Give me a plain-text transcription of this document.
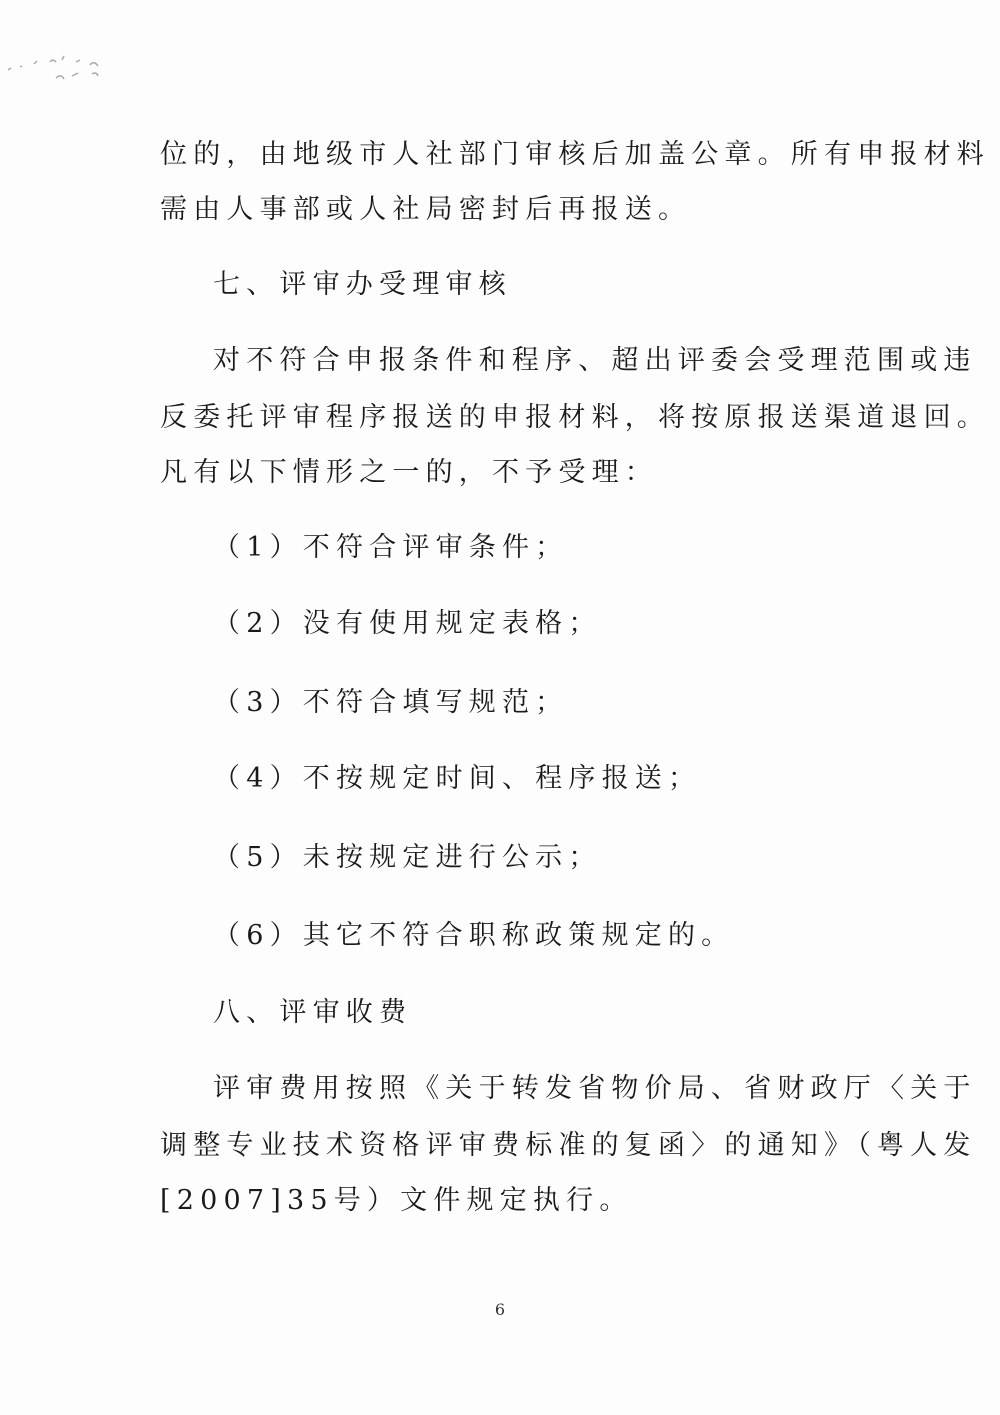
位的，由地级市人社部门审核后加盖公章。所有申报材料
需由人事部或人社局密封后再报送。
七、评审办受理审核
对不符合申报条件和程序、超出评委会受理范围或违
反委托评审程序报送的申报材料，将按原报送渠道退回。
凡有以下情形之一的，不予受理：
（1）不符合评审条件；
（2）没有使用规定表格；
（3）不符合填写规范；
（4）不按规定时间、程序报送；
（5）未按规定进行公示；
（6）其它不符合职称政策规定的。
八、评审收费
评审费用按照《关于转发省物价局、省财政厅〈关于
调整专业技术资格评审费标准的复函〉的通知》（粤人发
[2007]35号）文件规定执行。
6
